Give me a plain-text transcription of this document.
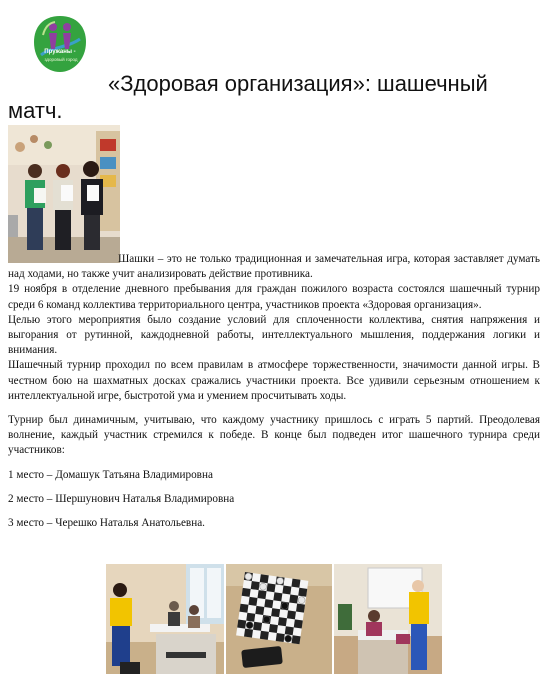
Пружаны -
здоровый город
«Здоровая организация»: шашечный матч.

Шашки – это не только традиционная и замечательная игра, которая заставляет думать над ходами, но также учит анализировать действие противника.

19 ноября в отделение дневного пребывания для граждан пожилого возраста состоялся шашечный турнир среди 6 команд коллектива территориального центра, участников проекта «Здоровая организация».

Целью этого мероприятия было создание условий для сплоченности коллектива, снятия напряжения и выгорания от рутинной, каждодневной работы, интеллектуального мышления, поддержания логики и внимания.

Шашечный турнир проходил по всем правилам в атмосфере торжественности, значимости данной игры. В честном бою на шахматных досках сражались участники проекта. Все удивили серьезным отношением к интеллектуальной игре, быстротой ума и умением просчитывать ходы.

Турнир был динамичным, учитываю, что каждому участнику пришлось с играть 5 партий. Преодолевая волнение, каждый участник стремился к победе. В конце был подведен итог шашечного турнира среди участников:

1 место – Домашук Татьяна Владимировна

2 место – Шершунович Наталья Владимировна

3 место – Черешко Наталья Анатольевна.
